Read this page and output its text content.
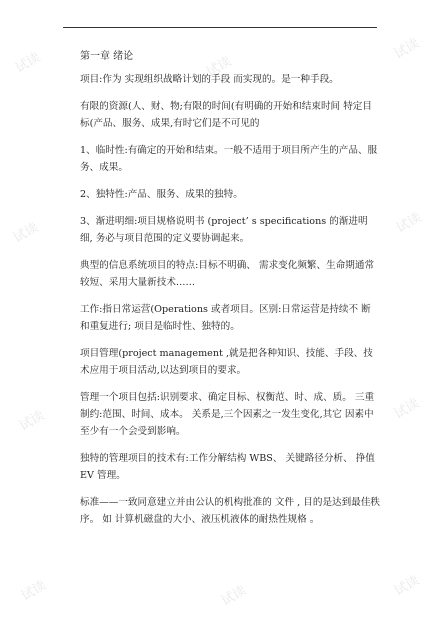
试读	试读
试读
试读	试读
试读	试读
试读	试读	试读

第一章 绪论

项目:作为 实现组织战略计划的手段 而实现的。是一种手段。

有限的资源(人、财、物;有限的时间(有明确的开始和结束时间 特定目标(产品、服务、成果,有时它们是不可见的

1、临时性:有确定的开始和结束。一般不适用于项目所产生的产品、服务、成果。

2、独特性:产品、服务、成果的独特。

3、渐进明细:项目规格说明书 (project’ s specifications 的渐进明细, 务必与项目范围的定义要协调起来。

典型的信息系统项目的特点:目标不明确、 需求变化频繁、生命期通常 较短、采用大量新技术……

工作:指日常运营(Operations 或者项目。区别:日常运营是持续不 断和重复进行; 项目是临时性、独特的。

项目管理(project management ,就是把各种知识、技能、手段、技 术应用于项目活动,以达到项目的要求。

管理一个项目包括:识别要求、确定目标、权衡范、时、成、质。 三重制约:范围、时间、成本。 关系是,三个因素之一发生变化,其它 因素中至少有一个会受到影响。

独特的管理项目的技术有:工作分解结构 WBS、 关键路径分析、 挣值 EV 管理。

标准——一致同意建立并由公认的机构批准的 文件 , 目的是达到最佳秩 序。 如 计算机磁盘的大小、液压机液体的耐热性规格 。
